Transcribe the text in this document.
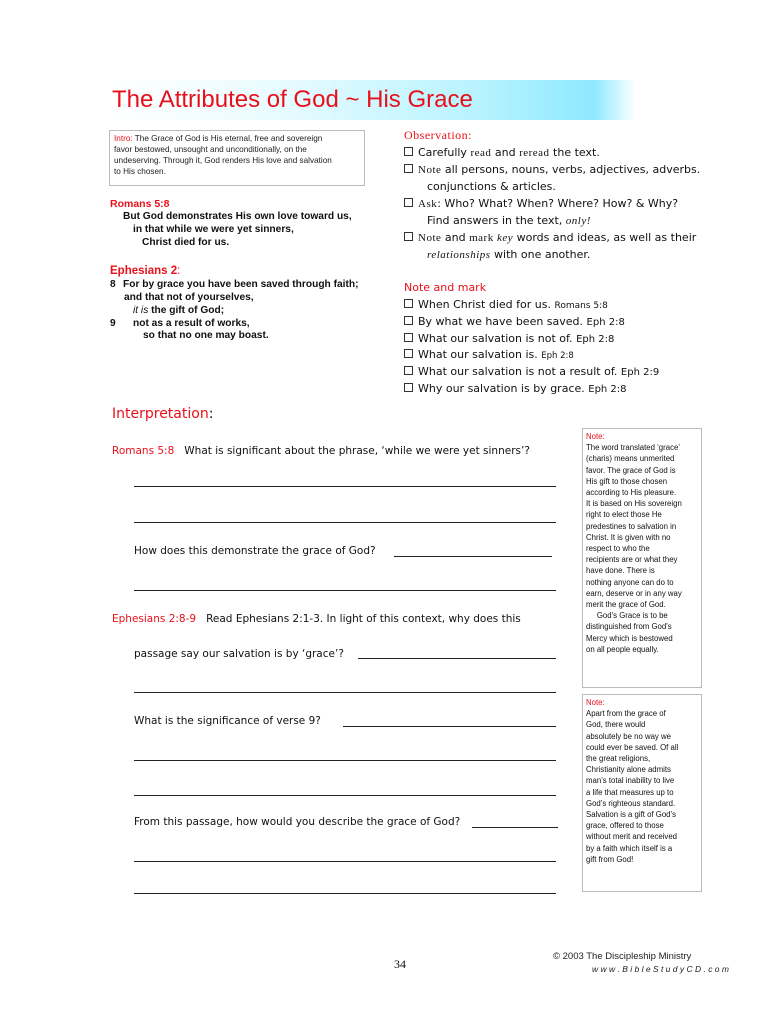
The Attributes of God ~ His Grace
Intro: The Grace of God is His eternal, free and sovereign
favor bestowed, unsought and unconditionally, on the
undeserving. Through it, God renders His love and salvation
to His chosen.
Romans 5:8
But God demonstrates His own love toward us,
in that while we were yet sinners,
Christ died for us.
Ephesians 2:
8 For by grace you have been saved through faith;
and that not of yourselves,
it is the gift of God;
9 not as a result of works,
so that no one may boast.
Observation:
Carefully read and reread the text.
Note all persons, nouns, verbs, adjectives, adverbs.
conjunctions & articles.
Ask: Who? What? When? Where? How? & Why?
Find answers in the text, only!
Note and mark key words and ideas, as well as their
relationships with one another.
Note and mark
When Christ died for us. Romans 5:8
By what we have been saved. Eph 2:8
What our salvation is not of. Eph 2:8
What our salvation is. Eph 2:8
What our salvation is not a result of. Eph 2:9
Why our salvation is by grace. Eph 2:8
Interpretation:
Romans 5:8 What is significant about the phrase, ‘while we were yet sinners’?
How does this demonstrate the grace of God?
Ephesians 2:8-9 Read Ephesians 2:1-3. In light of this context, why does this
passage say our salvation is by ‘grace’?
What is the significance of verse 9?
From this passage, how would you describe the grace of God?
Note:
The word translated ‘grace’
(charis) means unmerited
favor. The grace of God is
His gift to those chosen
according to His pleasure.
It is based on His sovereign
right to elect those He
predestines to salvation in
Christ. It is given with no
respect to who the
recipients are or what they
have done. There is
nothing anyone can do to
earn, deserve or in any way
merit the grace of God.
God’s Grace is to be
distinguished from God’s
Mercy which is bestowed
on all people equally.
Note:
Apart from the grace of
God, there would
absolutely be no way we
could ever be saved. Of all
the great religions,
Christianity alone admits
man’s total inability to live
a life that measures up to
God’s righteous standard.
Salvation is a gift of God’s
grace, offered to those
without merit and received
by a faith which itself is a
gift from God!
34
© 2003 The Discipleship Ministry
w w w . B i b l e S t u d y C D . c o m
